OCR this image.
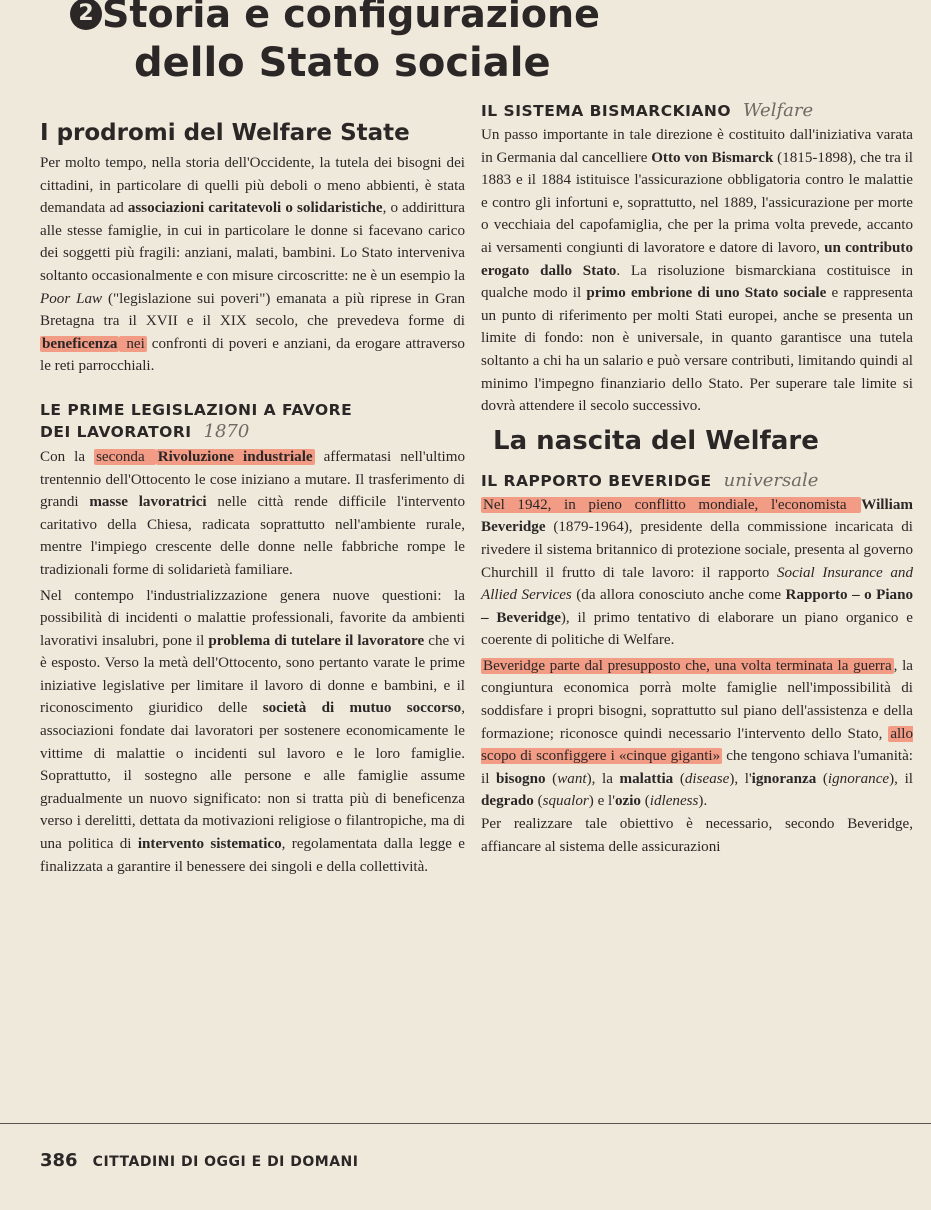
2 Storia e configurazione
dello Stato sociale
I prodromi del Welfare State

Per molto tempo, nella storia dell'Occidente, la tutela dei bisogni dei cittadini, in particolare di quelli più deboli o meno abbienti, è stata demandata ad associazioni caritatevoli o solidaristiche, o addirittura alle stesse famiglie, in cui in particolare le donne si facevano carico dei soggetti più fragili: anziani, malati, bambini. Lo Stato interveniva soltanto occasionalmente e con misure circoscritte: ne è un esempio la Poor Law ("legislazione sui poveri") emanata a più riprese in Gran Bretagna tra il XVII e il XIX secolo, che prevedeva forme di beneficenza nei confronti di poveri e anziani, da erogare attraverso le reti parrocchiali.

LE PRIME LEGISLAZIONI A FAVORE
DEI LAVORATORI 1870

Con la seconda Rivoluzione industriale affermatasi nell'ultimo trentennio dell'Ottocento le cose iniziano a mutare. Il trasferimento di grandi masse lavoratrici nelle città rende difficile l'intervento caritativo della Chiesa, radicata soprattutto nell'ambiente rurale, mentre l'impiego crescente delle donne nelle fabbriche rompe le tradizionali forme di solidarietà familiare.

Nel contempo l'industrializzazione genera nuove questioni: la possibilità di incidenti o malattie professionali, favorite da ambienti lavorativi insalubri, pone il problema di tutelare il lavoratore che vi è esposto. Verso la metà dell'Ottocento, sono pertanto varate le prime iniziative legislative per limitare il lavoro di donne e bambini, e il riconoscimento giuridico delle società di mutuo soccorso, associazioni fondate dai lavoratori per sostenere economicamente le vittime di malattie o incidenti sul lavoro e le loro famiglie. Soprattutto, il sostegno alle persone e alle famiglie assume gradualmente un nuovo significato: non si tratta più di beneficenza verso i derelitti, dettata da motivazioni religiose o filantropiche, ma di una politica di intervento sistematico, regolamentata dalla legge e finalizzata a garantire il benessere dei singoli e della collettività.

IL SISTEMA BISMARCKIANO Welfare

Un passo importante in tale direzione è costituito dall'iniziativa varata in Germania dal cancelliere Otto von Bismarck (1815-1898), che tra il 1883 e il 1884 istituisce l'assicurazione obbligatoria contro le malattie e contro gli infortuni e, soprattutto, nel 1889, l'assicurazione per morte o vecchiaia del capofamiglia, che per la prima volta prevede, accanto ai versamenti congiunti di lavoratore e datore di lavoro, un contributo erogato dallo Stato. La risoluzione bismarckiana costituisce in qualche modo il primo embrione di uno Stato sociale e rappresenta un punto di riferimento per molti Stati europei, anche se presenta un limite di fondo: non è universale, in quanto garantisce una tutela soltanto a chi ha un salario e può versare contributi, limitando quindi al minimo l'impegno finanziario dello Stato. Per superare tale limite si dovrà attendere il secolo successivo.

La nascita del Welfare
IL RAPPORTO BEVERIDGE universale

Nel 1942, in pieno conflitto mondiale, l'economista William Beveridge (1879-1964), presidente della commissione incaricata di rivedere il sistema britannico di protezione sociale, presenta al governo Churchill il frutto di tale lavoro: il rapporto Social Insurance and Allied Services (da allora conosciuto anche come Rapporto – o Piano – Beveridge), il primo tentativo di elaborare un piano organico e coerente di politiche di Welfare.

Beveridge parte dal presupposto che, una volta terminata la guerra , la congiuntura economica porrà molte famiglie nell'impossibilità di soddisfare i propri bisogni, soprattutto sul piano dell'assistenza e della formazione; riconosce quindi necessario l'intervento dello Stato, allo scopo di sconfiggere i «cinque giganti» che tengono schiava l'umanità: il bisogno (want), la malattia (disease), l'ignoranza (ignorance), il degrado (squalor) e l'ozio (idleness).

Per realizzare tale obiettivo è necessario, secondo Beveridge, affiancare al sistema delle assicurazioni

386 CITTADINI DI OGGI E DI DOMANI
